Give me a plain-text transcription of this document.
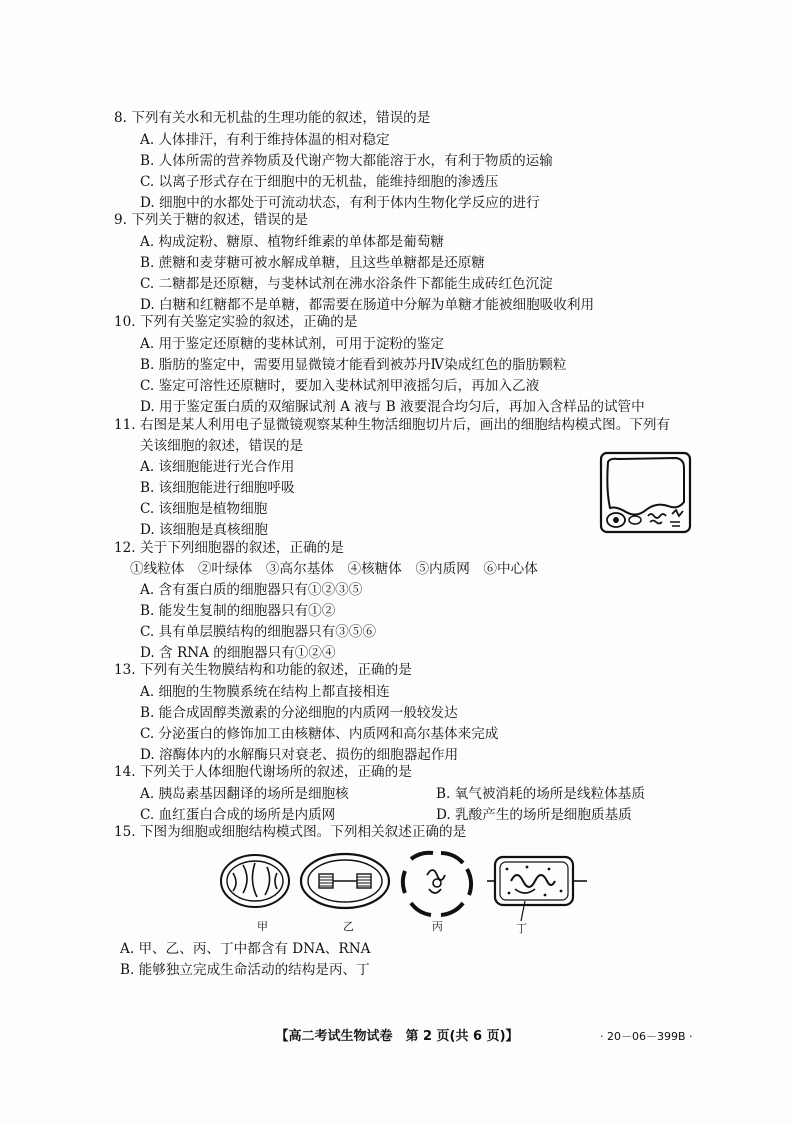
8. 下列有关水和无机盐的生理功能的叙述，错误的是
A. 人体排汗，有利于维持体温的相对稳定
B. 人体所需的营养物质及代谢产物大都能溶于水，有利于物质的运输
C. 以离子形式存在于细胞中的无机盐，能维持细胞的渗透压
D. 细胞中的水都处于可流动状态，有利于体内生物化学反应的进行
9. 下列关于糖的叙述，错误的是
A. 构成淀粉、糖原、植物纤维素的单体都是葡萄糖
B. 蔗糖和麦芽糖可被水解成单糖，且这些单糖都是还原糖
C. 二糖都是还原糖，与斐林试剂在沸水浴条件下都能生成砖红色沉淀
D. 白糖和红糖都不是单糖，都需要在肠道中分解为单糖才能被细胞吸收利用
10. 下列有关鉴定实验的叙述，正确的是
A. 用于鉴定还原糖的斐林试剂，可用于淀粉的鉴定
B. 脂肪的鉴定中，需要用显微镜才能看到被苏丹Ⅳ染成红色的脂肪颗粒
C. 鉴定可溶性还原糖时，要加入斐林试剂甲液摇匀后，再加入乙液
D. 用于鉴定蛋白质的双缩脲试剂 A 液与 B 液要混合均匀后，再加入含样品的试管中
11. 右图是某人利用电子显微镜观察某种生物活细胞切片后，画出的细胞结构模式图。下列有
关该细胞的叙述，错误的是
A. 该细胞能进行光合作用
B. 该细胞能进行细胞呼吸
C. 该细胞是植物细胞
D. 该细胞是真核细胞
12. 关于下列细胞器的叙述，正确的是
①线粒体　②叶绿体　③高尔基体　④核糖体　⑤内质网　⑥中心体
A. 含有蛋白质的细胞器只有①②③⑤
B. 能发生复制的细胞器只有①②
C. 具有单层膜结构的细胞器只有③⑤⑥
D. 含 RNA 的细胞器只有①②④
13. 下列有关生物膜结构和功能的叙述，正确的是
A. 细胞的生物膜系统在结构上都直接相连
B. 能合成固醇类激素的分泌细胞的内质网一般较发达
C. 分泌蛋白的修饰加工由核糖体、内质网和高尔基体来完成
D. 溶酶体内的水解酶只对衰老、损伤的细胞器起作用
14. 下列关于人体细胞代谢场所的叙述，正确的是
A. 胰岛素基因翻译的场所是细胞核	B. 氧气被消耗的场所是线粒体基质
C. 血红蛋白合成的场所是内质网	D. 乳酸产生的场所是细胞质基质
15. 下图为细胞或细胞结构模式图。下列相关叙述正确的是
甲	乙	丙	丁
A. 甲、乙、丙、丁中都含有 DNA、RNA
B. 能够独立完成生命活动的结构是丙、丁
【高二考试生物试卷　第 2 页(共 6 页)】	· 20－06－399B ·
